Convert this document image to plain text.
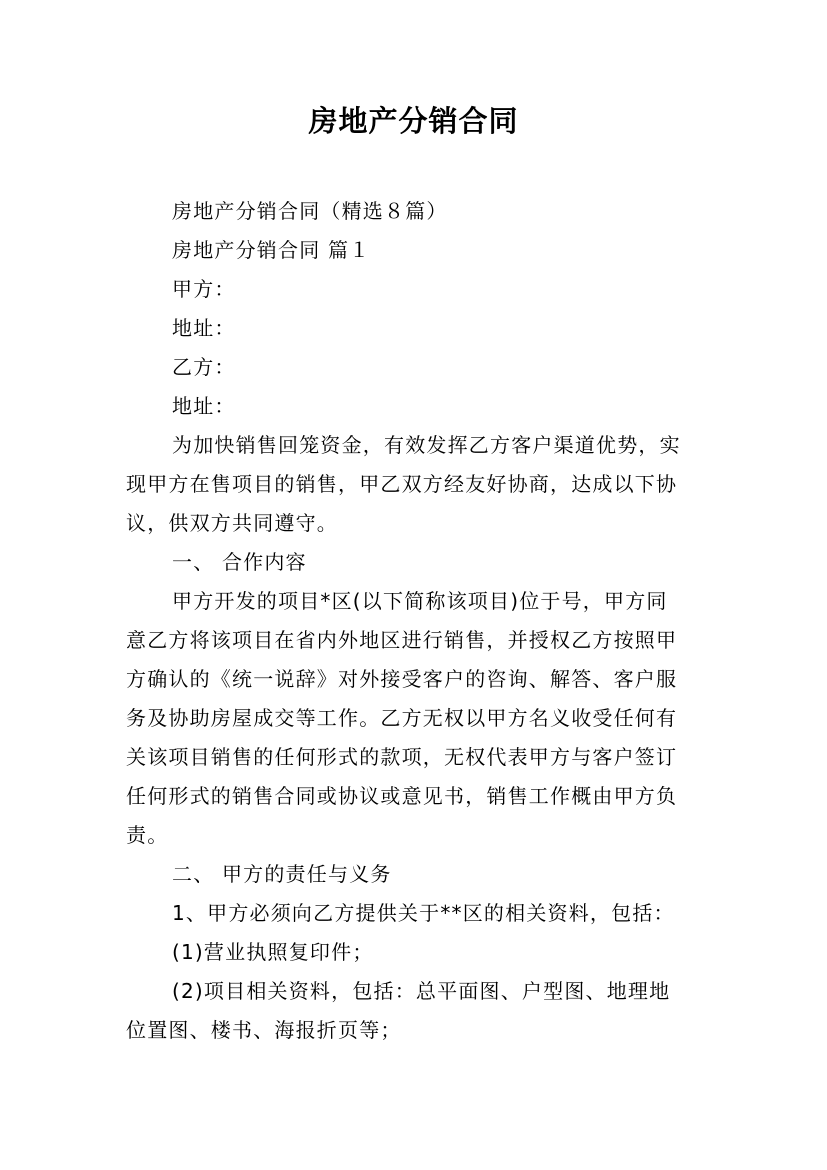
房地产分销合同
房地产分销合同（精选８篇）
房地产分销合同 篇１
甲方：
地址：
乙方：
地址：
为加快销售回笼资金，有效发挥乙方客户渠道优势，实
现甲方在售项目的销售，甲乙双方经友好协商，达成以下协
议，供双方共同遵守。
一、 合作内容
甲方开发的项目*区(以下简称该项目)位于号，甲方同
意乙方将该项目在省内外地区进行销售，并授权乙方按照甲
方确认的《统一说辞》对外接受客户的咨询、解答、客户服
务及协助房屋成交等工作。乙方无权以甲方名义收受任何有
关该项目销售的任何形式的款项，无权代表甲方与客户签订
任何形式的销售合同或协议或意见书，销售工作概由甲方负
责。
二、 甲方的责任与义务
1、甲方必须向乙方提供关于**区的相关资料，包括：
(1)营业执照复印件；
(2)项目相关资料，包括：总平面图、户型图、地理地
位置图、楼书、海报折页等；
